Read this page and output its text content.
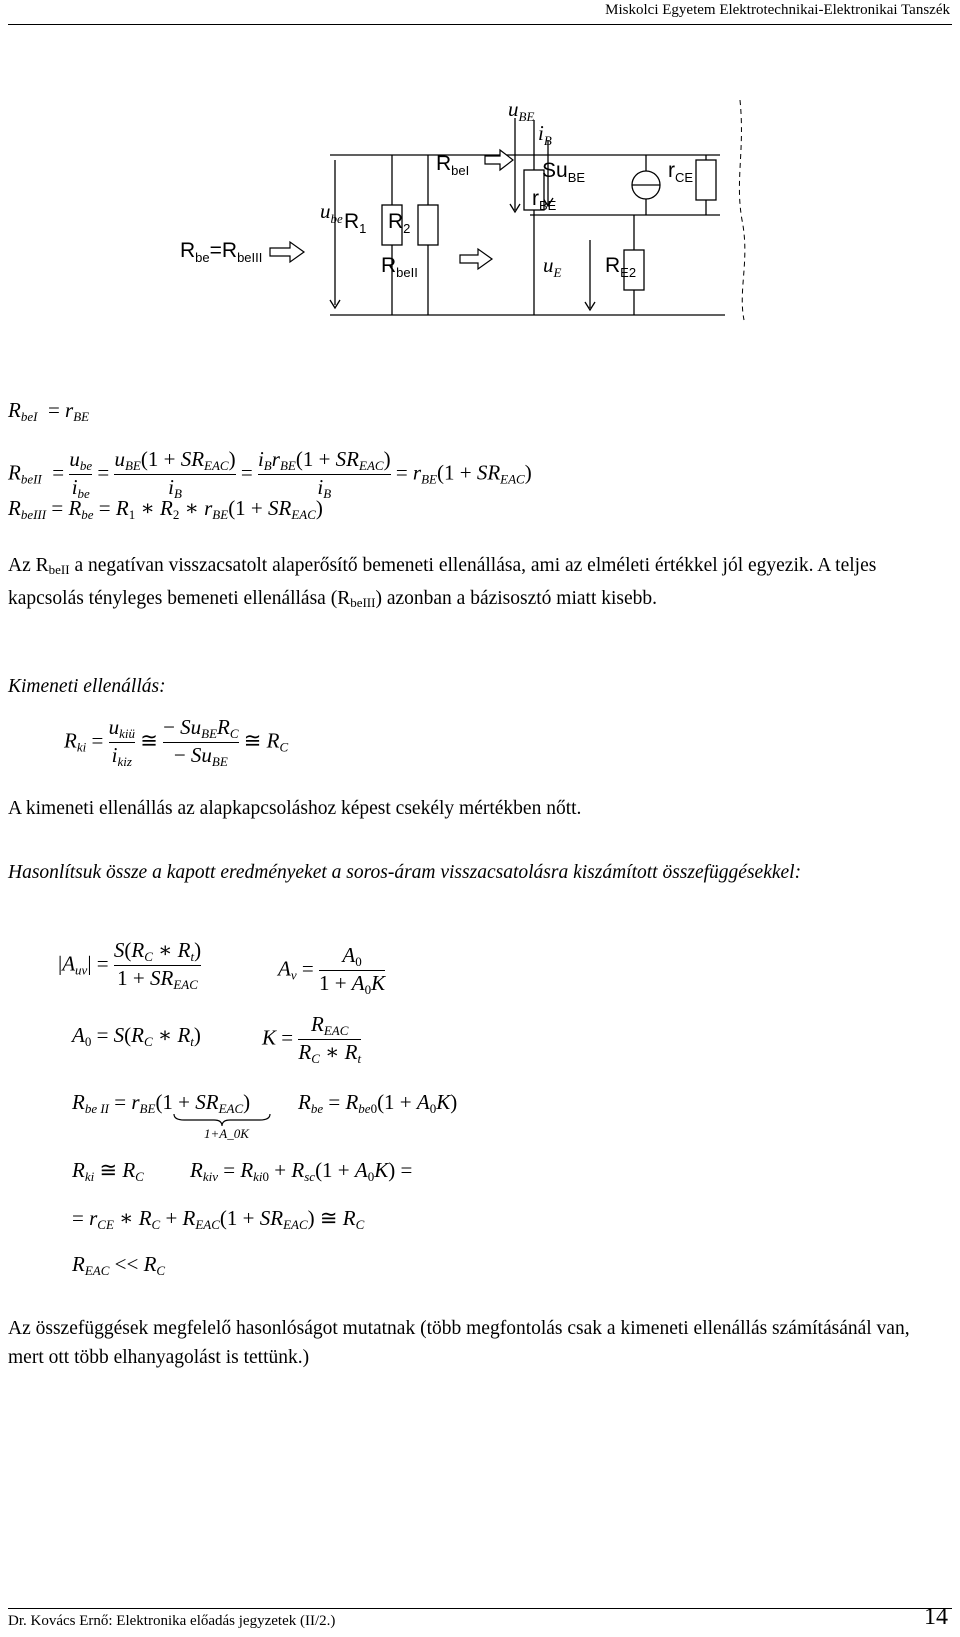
Miskolci Egyetem Elektrotechnikai-Elektronikai Tanszék
$u_{be}$
$R_{be}=R_{beIII}$
$R_1$ $R_2$
$R_{beI}$
$R_{beII}$
$u_{BE}$
$i_B$
$Su_{BE}$
$r_{BE}$
$u_E$ $R_{E2}$
$r_{CE}$
$R_{beI} = r_{BE}$
$R_{beII}$  =
$u_{be}$
$i_{be}$
=
$u_{BE}(1 + SR_{EAC})$
$i_B$
=
$i_Br_{BE}(1 + SR_{EAC})$
$i_B$
= $r_{BE}(1 + SR_{EAC})$
$R_{beIII} = R_{be} = R_1$ ∗ $R_2$ ∗ $r_{BE}(1 + SR_{EAC})$
Az $R_{beII}$ a negatívan visszacsatolt alaperősítő bemeneti ellenállása, ami az elméleti értékkel jól egyezik. A teljes kapcsolás tényleges bemeneti ellenállása $(R_{beIII})$ azonban a bázisosztó miatt kisebb.
Kimeneti ellenállás:
$R_{ki}$ =
$u_{kiü}$
$i_{kiz}$
≅
− $Su_{BE}R_C$
− $Su_{BE}$
≅ $R_C$
A kimeneti ellenállás az alapkapcsoláshoz képest csekély mértékben nőtt.
Hasonlítsuk össze a kapott eredményeket a soros-áram visszacsatolásra kiszámított összefüggésekkel:
$|A_{uv}|$ =
$S(R_C$ ∗ $R_t$)
$1 + SR_{EAC}$
$A_v = \frac{A_0}{1 + A_0K}$
$A_0 = S(R_C$ ∗ $R_t$)	K =
$R_{EAC}$
$R_C$ ∗ $R_t$
$R_{be II} = r_{BE}(1 + SR_{EAC})$
1+A_0K
$R_{be} = R_{be0}(1 + A_0K)$
$R_{ki}$ ≅ $R_C$ $R_{kiv} = R_{ki0} + R_{sc}(1 + A_0K)$ =
= $r_{CE}$ ∗ $R_C + R_{EAC}(1 + SR_{EAC})$ ≅ $R_C$
$R_{EAC} << R_C$
Az összefüggések megfelelő hasonlóságot mutatnak (több megfontolás csak a kimeneti ellenállás számításánál van, mert ott több elhanyagolást is tettünk.)
Dr. Kovács Ernő: Elektronika előadás jegyzetek (II/2.)	14
